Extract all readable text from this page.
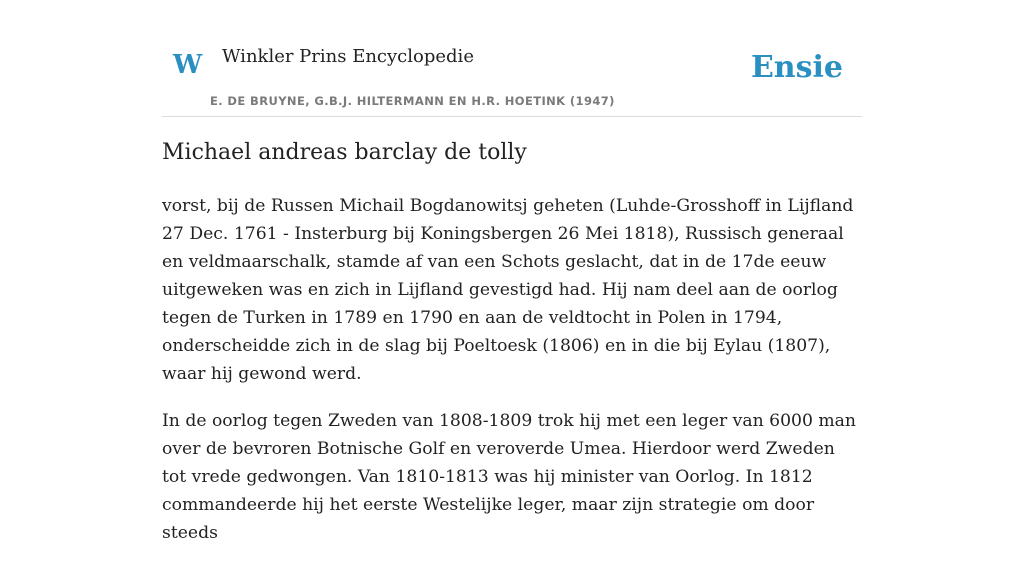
W Winkler Prins Encyclopedie
E. DE BRUYNE, G.B.J. HILTERMANN EN H.R. HOETINK (1947)
Ensie
Michael andreas barclay de tolly

vorst, bij de Russen Michail Bogdanowitsj geheten (Luhde-Grosshoff in Lijfland 27 Dec. 1761 - Insterburg bij Koningsbergen 26 Mei 1818), Russisch generaal en veldmaarschalk, stamde af van een Schots geslacht, dat in de 17de eeuw uitgeweken was en zich in Lijfland gevestigd had. Hij nam deel aan de oorlog tegen de Turken in 1789 en 1790 en aan de veldtocht in Polen in 1794, onderscheidde zich in de slag bij Poeltoesk (1806) en in die bij Eylau (1807), waar hij gewond werd.

In de oorlog tegen Zweden van 1808-1809 trok hij met een leger van 6000 man over de bevroren Botnische Golf en veroverde Umea. Hierdoor werd Zweden tot vrede gedwongen. Van 1810-1813 was hij minister van Oorlog. In 1812 commandeerde hij het eerste Westelijke leger, maar zijn strategie om door steeds
